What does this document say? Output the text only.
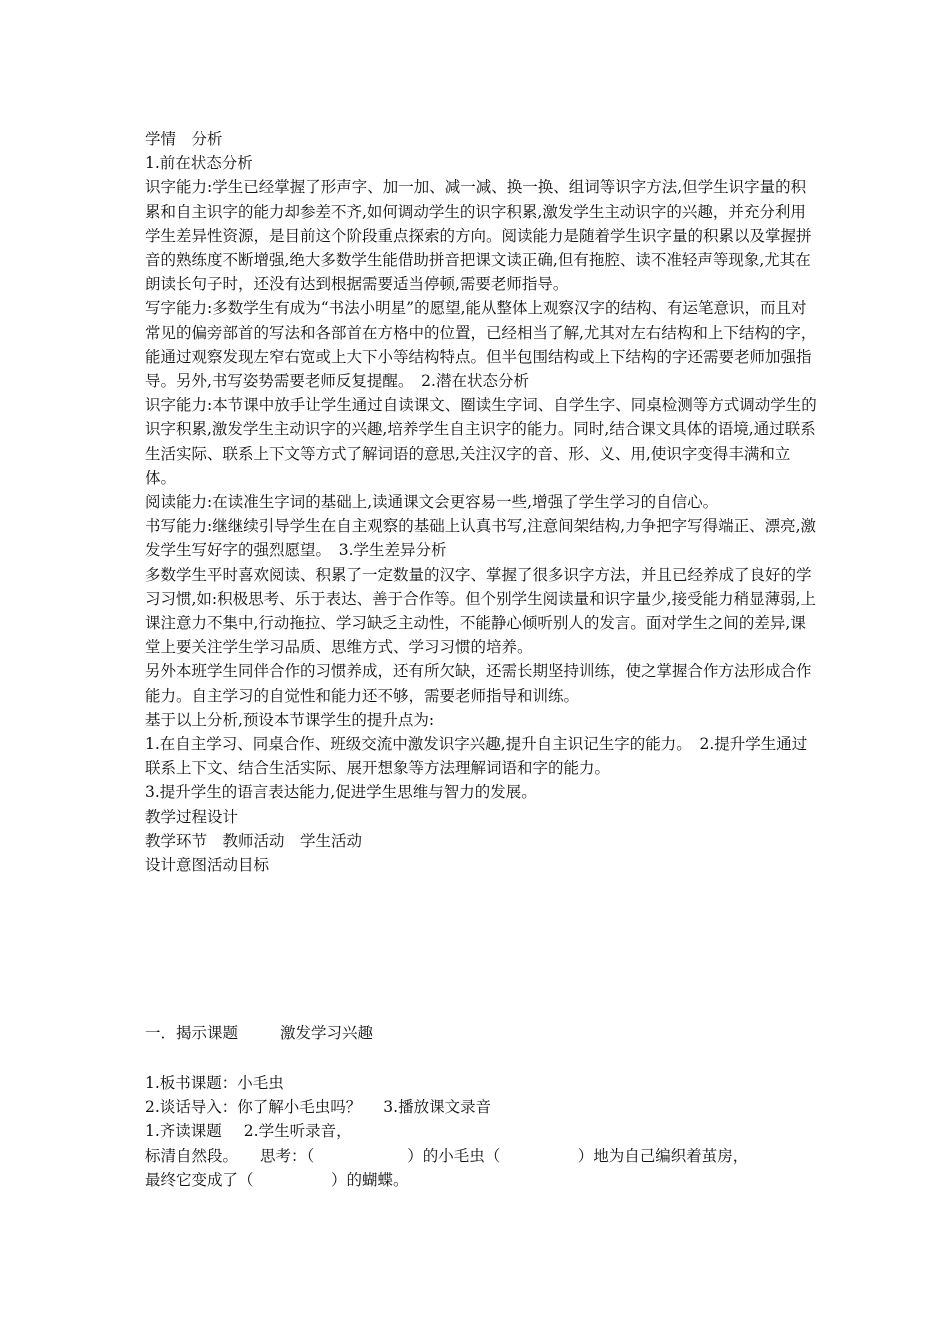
学情　分析

1.前在状态分析

识字能力:学生已经掌握了形声字、加一加、减一减、换一换、组词等识字方法,但学生识字量的积累和自主识字的能力却参差不齐,如何调动学生的识字积累,激发学生主动识字的兴趣，并充分利用学生差异性资源，是目前这个阶段重点探索的方向。阅读能力是随着学生识字量的积累以及掌握拼音的熟练度不断增强,绝大多数学生能借助拼音把课文读正确,但有拖腔、读不准轻声等现象,尤其在朗读长句子时，还没有达到根据需要适当停顿,需要老师指导。

写字能力:多数学生有成为“书法小明星”的愿望,能从整体上观察汉字的结构、有运笔意识，而且对常见的偏旁部首的写法和各部首在方格中的位置，已经相当了解,尤其对左右结构和上下结构的字，能通过观察发现左窄右宽或上大下小等结构特点。但半包围结构或上下结构的字还需要老师加强指导。另外,书写姿势需要老师反复提醒。　2.潜在状态分析

识字能力:本节课中放手让学生通过自读课文、圈读生字词、自学生字、同桌检测等方式调动学生的识字积累,激发学生主动识字的兴趣,培养学生自主识字的能力。同时,结合课文具体的语境,通过联系生活实际、联系上下文等方式了解词语的意思,关注汉字的音、形、义、用,使识字变得丰满和立体。

阅读能力:在读准生字词的基础上,读通课文会更容易一些,增强了学生学习的自信心。

书写能力:继继续引导学生在自主观察的基础上认真书写,注意间架结构,力争把字写得端正、漂亮,激发学生写好字的强烈愿望。　3.学生差异分析

多数学生平时喜欢阅读、积累了一定数量的汉字、掌握了很多识字方法，并且已经养成了良好的学习习惯,如:积极思考、乐于表达、善于合作等。但个别学生阅读量和识字量少,接受能力稍显薄弱,上课注意力不集中,行动拖拉、学习缺乏主动性，不能静心倾听别人的发言。面对学生之间的差异,课堂上要关注学生学习品质、思维方式、学习习惯的培养。

另外本班学生同伴合作的习惯养成，还有所欠缺，还需长期坚持训练，使之掌握合作方法形成合作能力。自主学习的自觉性和能力还不够，需要老师指导和训练。

基于以上分析,预设本节课学生的提升点为:

1.在自主学习、同桌合作、班级交流中激发识字兴趣,提升自主识记生字的能力。　2.提升学生通过联系上下文、结合生活实际、展开想象等方法理解词语和字的能力。

3.提升学生的语言表达能力,促进学生思维与智力的发展。

教学过程设计

教学环节　教师活动　学生活动

设计意图活动目标

一．揭示课题	激发学习兴趣

1.板书课题：小毛虫

2.谈话导入：你了解小毛虫吗？ 3.播放课文录音

1.齐读课题 2.学生听录音，

标清自然段。 思考：（　　　　　　）的小毛虫（　　　　　）地为自己编织着茧房，

最终它变成了（　　　　　）的蝴蝶。
